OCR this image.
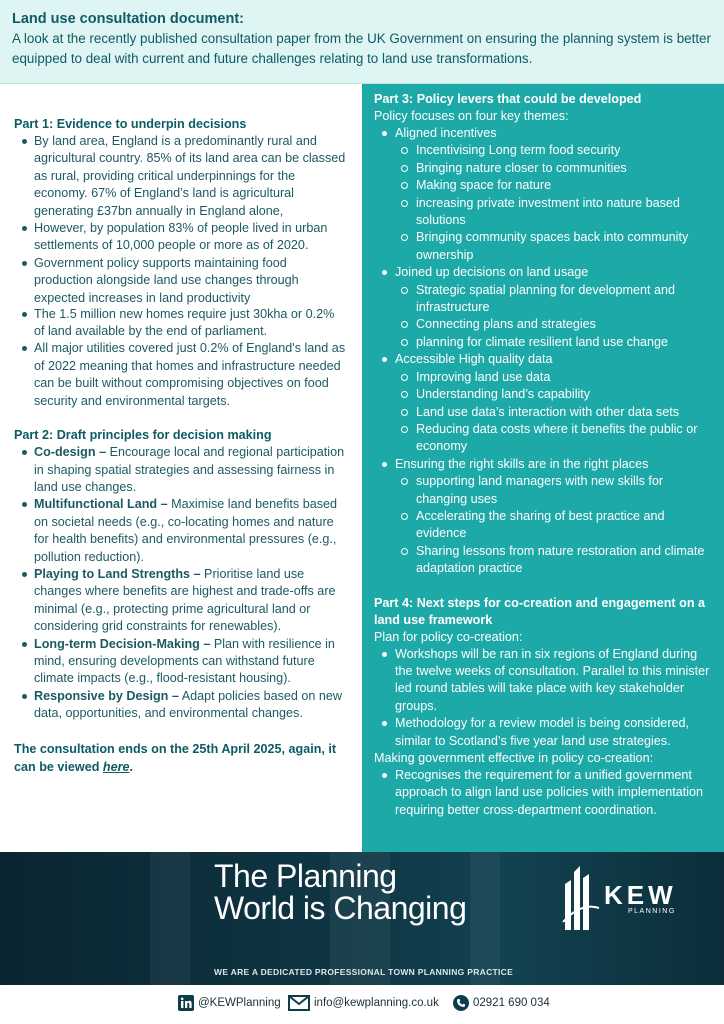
Land use consultation document:

A look at the recently published consultation paper from the UK Government on ensuring the planning system is better equipped to deal with current and future challenges relating to land use transformations.

Part 1: Evidence to underpin decisions
By land area, England is a predominantly rural and agricultural country. 85% of its land area can be classed as rural, providing critical underpinnings for the economy. 67% of England’s land is agricultural generating £37bn annually in England alone,
However, by population 83% of people lived in urban settlements of 10,000 people or more as of 2020.
Government policy supports maintaining food production alongside land use changes through
expected increases in land productivity
The 1.5 million new homes require just 30kha or 0.2% of land available by the end of parliament.
All major utilities covered just 0.2% of England's land as of 2022 meaning that homes and infrastructure needed can be built without compromising objectives on food security and environmental targets.
Part 2: Draft principles for decision making
Co-design – Encourage local and regional participation in shaping spatial strategies and assessing fairness in land use changes.
Multifunctional Land – Maximise land benefits based on societal needs (e.g., co-locating homes and nature for health benefits) and environmental pressures (e.g., pollution reduction).
Playing to Land Strengths – Prioritise land use changes where benefits are highest and trade-offs are minimal (e.g., protecting prime agricultural land or considering grid constraints for renewables).
Long-term Decision-Making – Plan with resilience in mind, ensuring developments can withstand future climate impacts (e.g., flood-resistant housing).
Responsive by Design – Adapt policies based on new data, opportunities, and environmental changes.
The consultation ends on the 25th April 2025, again, it can be viewed here.
Part 3: Policy levers that could be developed
Policy focuses on four key themes:
Aligned incentives
Incentivising Long term food security
Bringing nature closer to communities
Making space for nature
increasing private investment into nature based solutions
Bringing community spaces back into community ownership
Joined up decisions on land usage
Strategic spatial planning for development and infrastructure
Connecting plans and strategies
planning for climate resilient land use change
Accessible High quality data
Improving land use data
Understanding land’s capability
Land use data’s interaction with other data sets
Reducing data costs where it benefits the public or economy
Ensuring the right skills are in the right places
supporting land managers with new skills for changing uses
Accelerating the sharing of best practice and evidence
Sharing lessons from nature restoration and climate adaptation practice
Part 4: Next steps for co-creation and engagement on a land use framework
Plan for policy co-creation:
Workshops will be ran in six regions of England during the twelve weeks of consultation. Parallel to this minister led round tables will take place with key stakeholder groups.
Methodology for a review model is being considered, similar to Scotland’s five year land use strategies.
Making government effective in policy co-creation:
Recognises the requirement for a unified government approach to align land use policies with implementation requiring better cross-department coordination.
The Planning
World is Changing
WE ARE A DEDICATED PROFESSIONAL TOWN PLANNING PRACTICE
KEW
PLANNING
@KEWPlanning	info@kewplanning.co.uk	02921 690 034
